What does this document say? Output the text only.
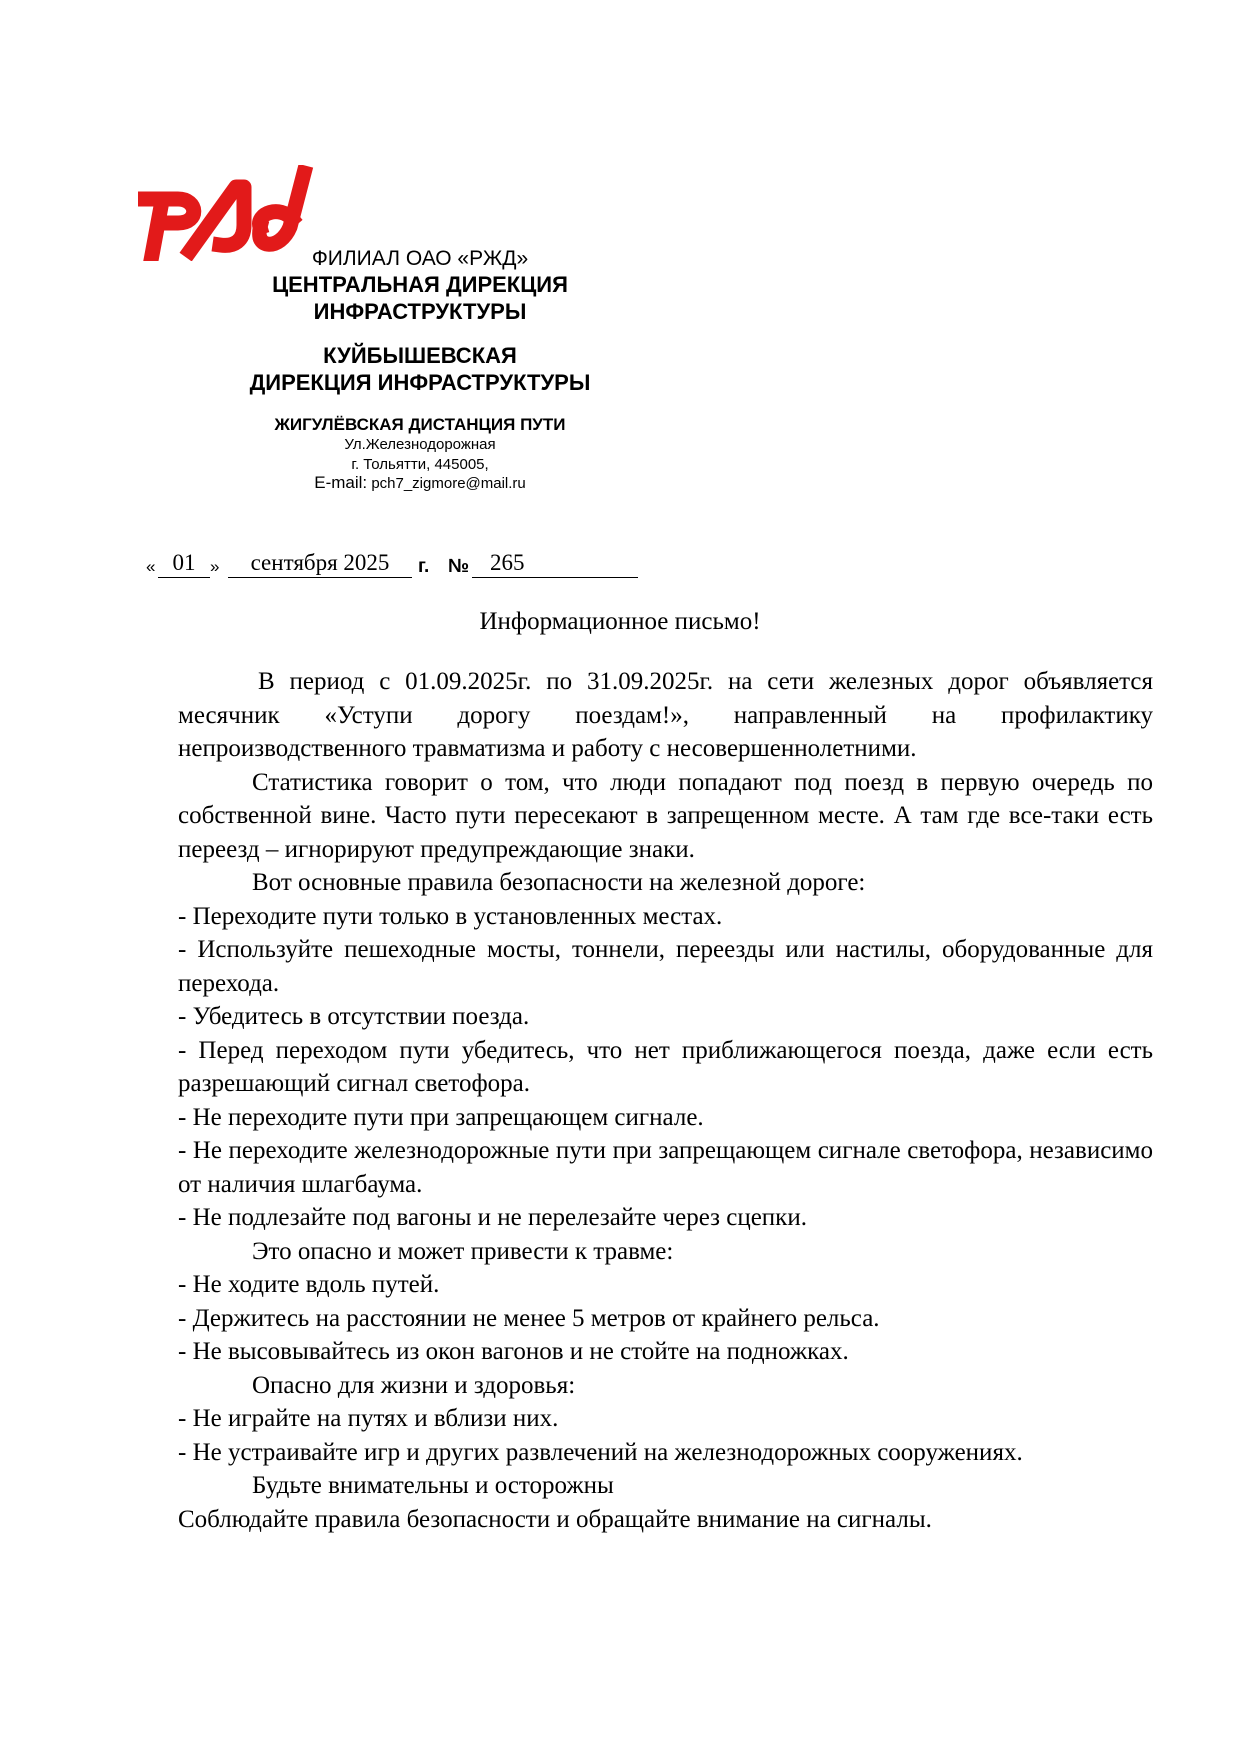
ФИЛИАЛ ОАО «РЖД»
ЦЕНТРАЛЬНАЯ ДИРЕКЦИЯ
ИНФРАСТРУКТУРЫ
КУЙБЫШЕВСКАЯ
ДИРЕКЦИЯ ИНФРАСТРУКТУРЫ
ЖИГУЛЁВСКАЯ ДИСТАНЦИЯ ПУТИ
Ул.Железнодорожная
г. Тольятти, 445005,
E-mail: pch7_zigmore@mail.ru
« 01 »	сентября 2025	г. № 265
Информационное письмо!

В период с 01.09.2025г. по 31.09.2025г. на сети железных дорог объявляется месячник «Уступи дорогу поездам!», направленный на профилактику непроизводственного травматизма и работу с несовершеннолетними.

Статистика говорит о том, что люди попадают под поезд в первую очередь по собственной вине. Часто пути пересекают в запрещенном месте. А там где все-таки есть переезд – игнорируют предупреждающие знаки.

Вот основные правила безопасности на железной дороге:

- Переходите пути только в установленных местах.

- Используйте пешеходные мосты, тоннели, переезды или настилы, оборудованные для перехода.

- Убедитесь в отсутствии поезда.

- Перед переходом пути убедитесь, что нет приближающегося поезда, даже если есть разрешающий сигнал светофора.

- Не переходите пути при запрещающем сигнале.

- Не переходите железнодорожные пути при запрещающем сигнале светофора, независимо от наличия шлагбаума.

- Не подлезайте под вагоны и не перелезайте через сцепки.

Это опасно и может привести к травме:

- Не ходите вдоль путей.

- Держитесь на расстоянии не менее 5 метров от крайнего рельса.

- Не высовывайтесь из окон вагонов и не стойте на подножках.

Опасно для жизни и здоровья:

- Не играйте на путях и вблизи них.

- Не устраивайте игр и других развлечений на железнодорожных сооружениях.

Будьте внимательны и осторожны

Соблюдайте правила безопасности и обращайте внимание на сигналы.
